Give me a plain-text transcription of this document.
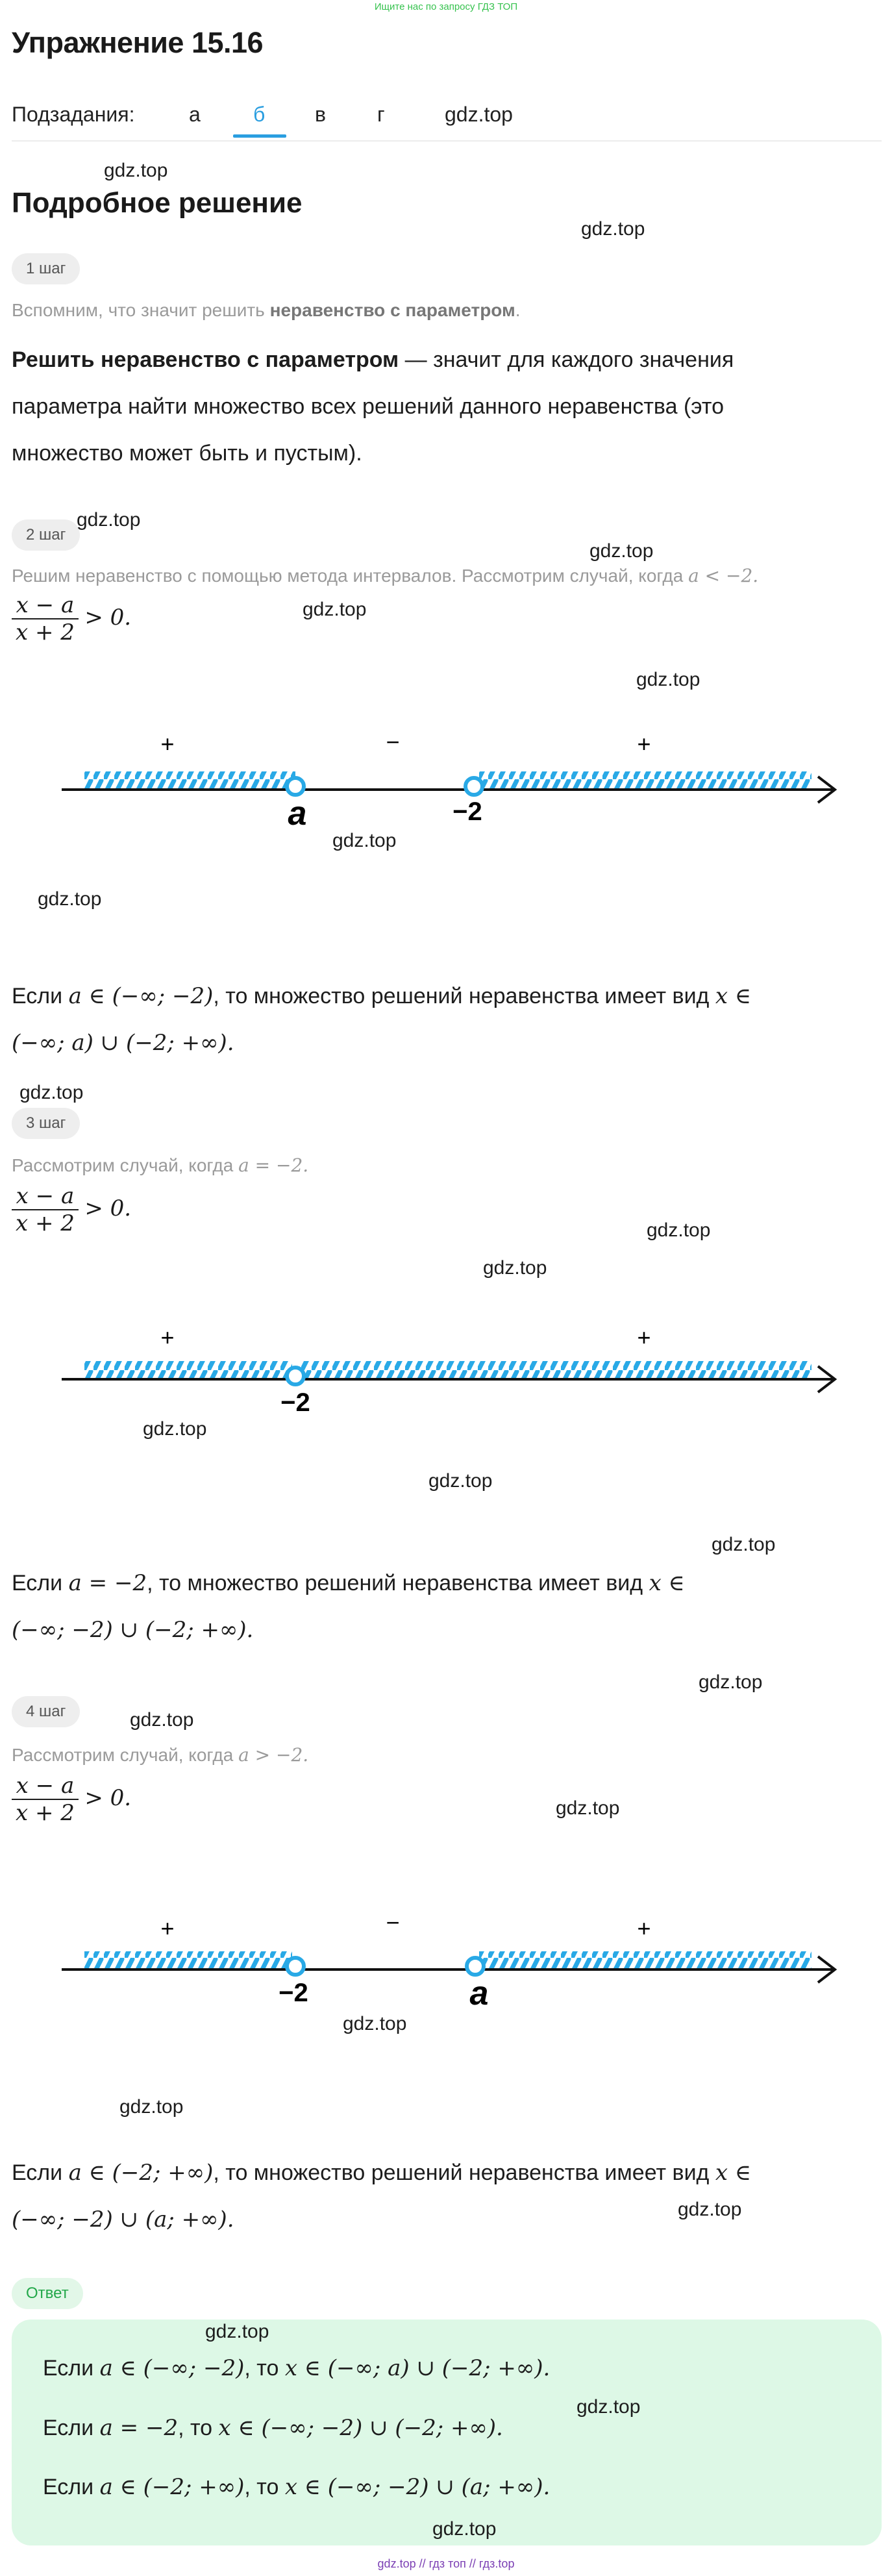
Ищите нас по запросу ГДЗ ТОП
Упражнение 15.16
Подзадания:	а	б в г	gdz.top
Подробное решение
1 шаг
Вспомним, что значит решить неравенство с параметром.
Решить неравенство с параметром — значит для каждого значения
параметра найти множество всех решений данного неравенства (это
множество может быть и пустым).
2 шаг
Решим неравенство с помощью метода интервалов. Рассмотрим случай, когда a < −2.
$\frac{x - a}{x + 2} > 0$.
+	−	+
a	−2
Если a ∈ (−∞; −2), то множество решений неравенства имеет вид x ∈
(−∞; a) ∪ (−2; +∞).
3 шаг
Рассмотрим случай, когда a = −2.
$\frac{x - a}{x + 2} > 0$.
+	+
−2
Если a = −2, то множество решений неравенства имеет вид x ∈
(−∞; −2) ∪ (−2; +∞).
4 шаг
Рассмотрим случай, когда a > −2.
$\frac{x - a}{x + 2} > 0$.
+	−	+
−2	a
Если a ∈ (−2; +∞), то множество решений неравенства имеет вид x ∈
(−∞; −2) ∪ (a; +∞).
Ответ
Если a ∈ (−∞; −2), то x ∈ (−∞; a) ∪ (−2; +∞).
Если a = −2, то x ∈ (−∞; −2) ∪ (−2; +∞).
Если a ∈ (−2; +∞), то x ∈ (−∞; −2) ∪ (a; +∞).
gdz.top
gdz.top
gdz.top
gdz.top
gdz.top
gdz.top
gdz.top
gdz.top
gdz.top
gdz.top
gdz.top
gdz.top
gdz.top
gdz.top
gdz.top
gdz.top
gdz.top
gdz.top
gdz.top
gdz.top
gdz.top
gdz.top
gdz.top
gdz.top // гдз топ // гдз.top
